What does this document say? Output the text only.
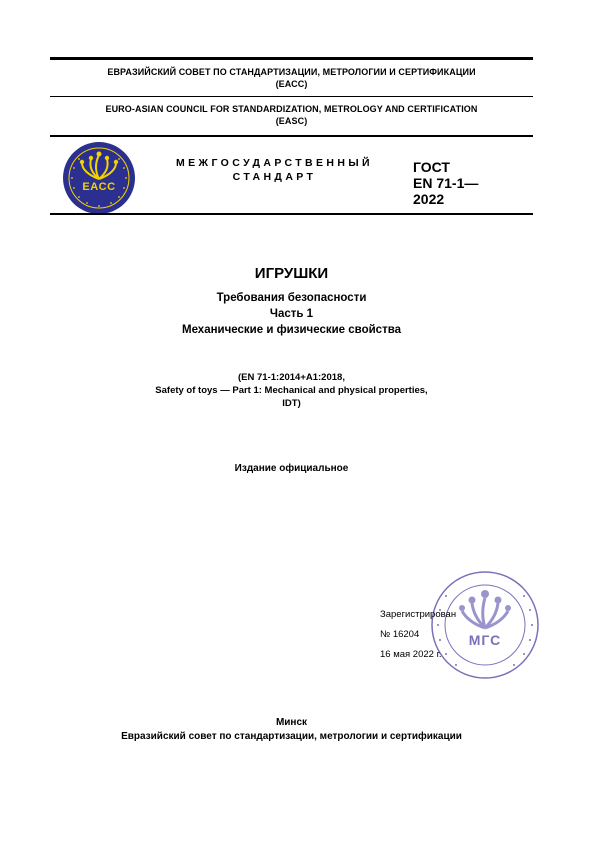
ЕВРАЗИЙСКИЙ СОВЕТ ПО СТАНДАРТИЗАЦИИ, МЕТРОЛОГИИ И СЕРТИФИКАЦИИ
(ЕАСС)
EURO-ASIAN COUNCIL FOR STANDARDIZATION, METROLOGY AND CERTIFICATION
(EASC)
EACC
МЕЖГОСУДАРСТВЕННЫЙ
СТАНДАРТ
ГОСТ
EN 71-1—
2022
ИГРУШКИ
Требования безопасности
Часть 1
Механические и физические свойства
(EN 71-1:2014+A1:2018,
Safety of toys — Part 1: Mechanical and physical properties,
IDT)
Издание официальное
МГС
Зарегистрирован
№ 16204
16 мая 2022 г.
Минск
Евразийский совет по стандартизации, метрологии и сертификации
